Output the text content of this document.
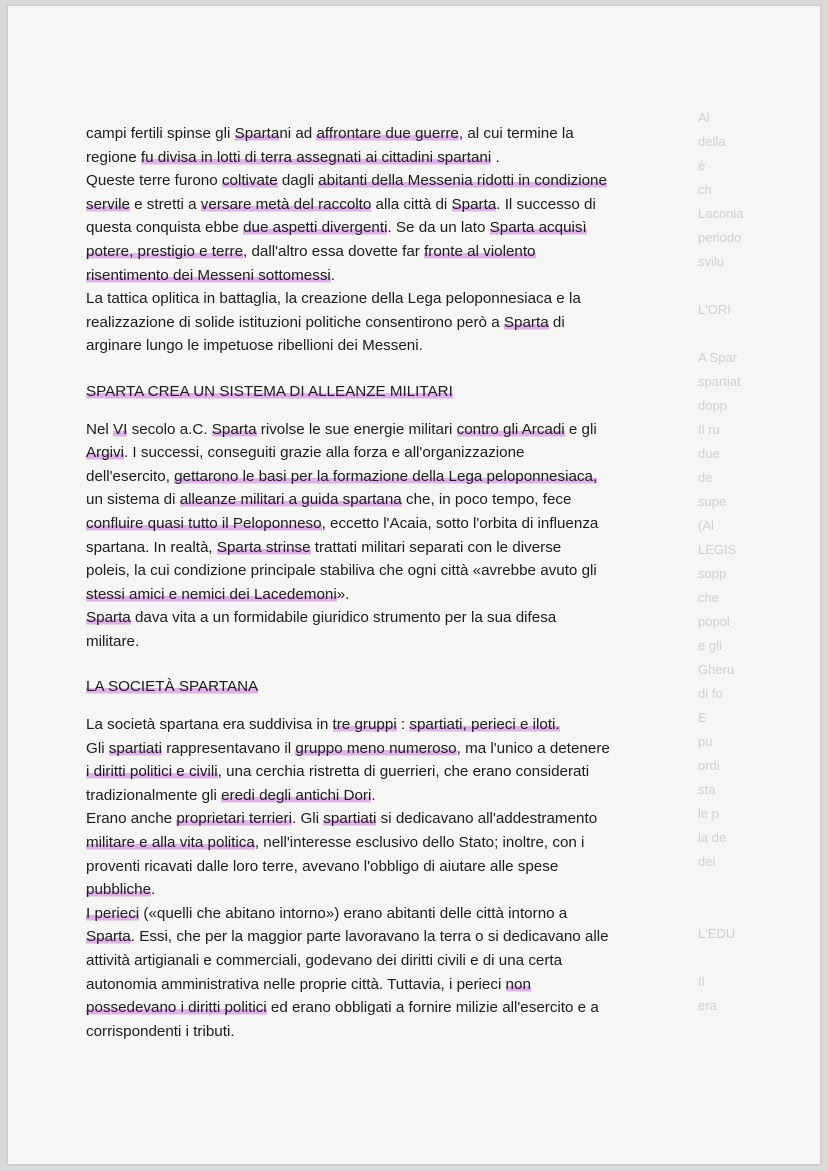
Al
della
è
ch
Laconia
periodo
svilu

L'ORI

A Spar
spartiat
dopp
Il ru
due
de
supe
(Al
LEGIS
sopp
che
popol
e gli
Gheru
di fo
E
pu
ordi
sta
le p
la de
dei

L'EDU

Il
era

campi fertili spinse gli Spartani ad affrontare due guerre, al cui termine la
regione fu divisa in lotti di terra assegnati ai cittadini spartani .
Queste terre furono coltivate dagli abitanti della Messenia ridotti in condizione
servile e stretti a versare metà del raccolto alla città di Sparta. Il successo di
questa conquista ebbe due aspetti divergenti. Se da un lato Sparta acquisì
potere, prestigio e terre, dall'altro essa dovette far fronte al violento
risentimento dei Messeni sottomessi.
La tattica oplitica in battaglia, la creazione della Lega peloponnesiaca e la
realizzazione di solide istituzioni politiche consentirono però a Sparta di
arginare lungo le impetuose ribellioni dei Messeni.

SPARTA CREA UN SISTEMA DI ALLEANZE MILITARI

Nel VI secolo a.C. Sparta rivolse le sue energie militari contro gli Arcadi e gli
Argivi. I successi, conseguiti grazie alla forza e all'organizzazione
dell'esercito, gettarono le basi per la formazione della Lega peloponnesiaca,
un sistema di alleanze militari a guida spartana che, in poco tempo, fece
confluire quasi tutto il Peloponneso, eccetto l'Acaia, sotto l'orbita di influenza
spartana. In realtà, Sparta strinse trattati militari separati con le diverse
poleis, la cui condizione principale stabiliva che ogni città «avrebbe avuto gli
stessi amici e nemici dei Lacedemoni».
Sparta dava vita a un formidabile giuridico strumento per la sua difesa
militare.

LA SOCIETÀ SPARTANA

La società spartana era suddivisa in tre gruppi : spartiati, perieci e iloti.
Gli spartiati rappresentavano il gruppo meno numeroso, ma l'unico a detenere
i diritti politici e civili, una cerchia ristretta di guerrieri, che erano considerati
tradizionalmente gli eredi degli antichi Dori.
Erano anche proprietari terrieri. Gli spartiati si dedicavano all'addestramento
militare e alla vita politica, nell'interesse esclusivo dello Stato; inoltre, con i
proventi ricavati dalle loro terre, avevano l'obbligo di aiutare alle spese
pubbliche.
I perieci («quelli che abitano intorno») erano abitanti delle città intorno a
Sparta. Essi, che per la maggior parte lavoravano la terra o si dedicavano alle
attività artigianali e commerciali, godevano dei diritti civili e di una certa
autonomia amministrativa nelle proprie città. Tuttavia, i perieci non
possedevano i diritti politici ed erano obbligati a fornire milizie all'esercito e a
corrispondenti i tributi.
